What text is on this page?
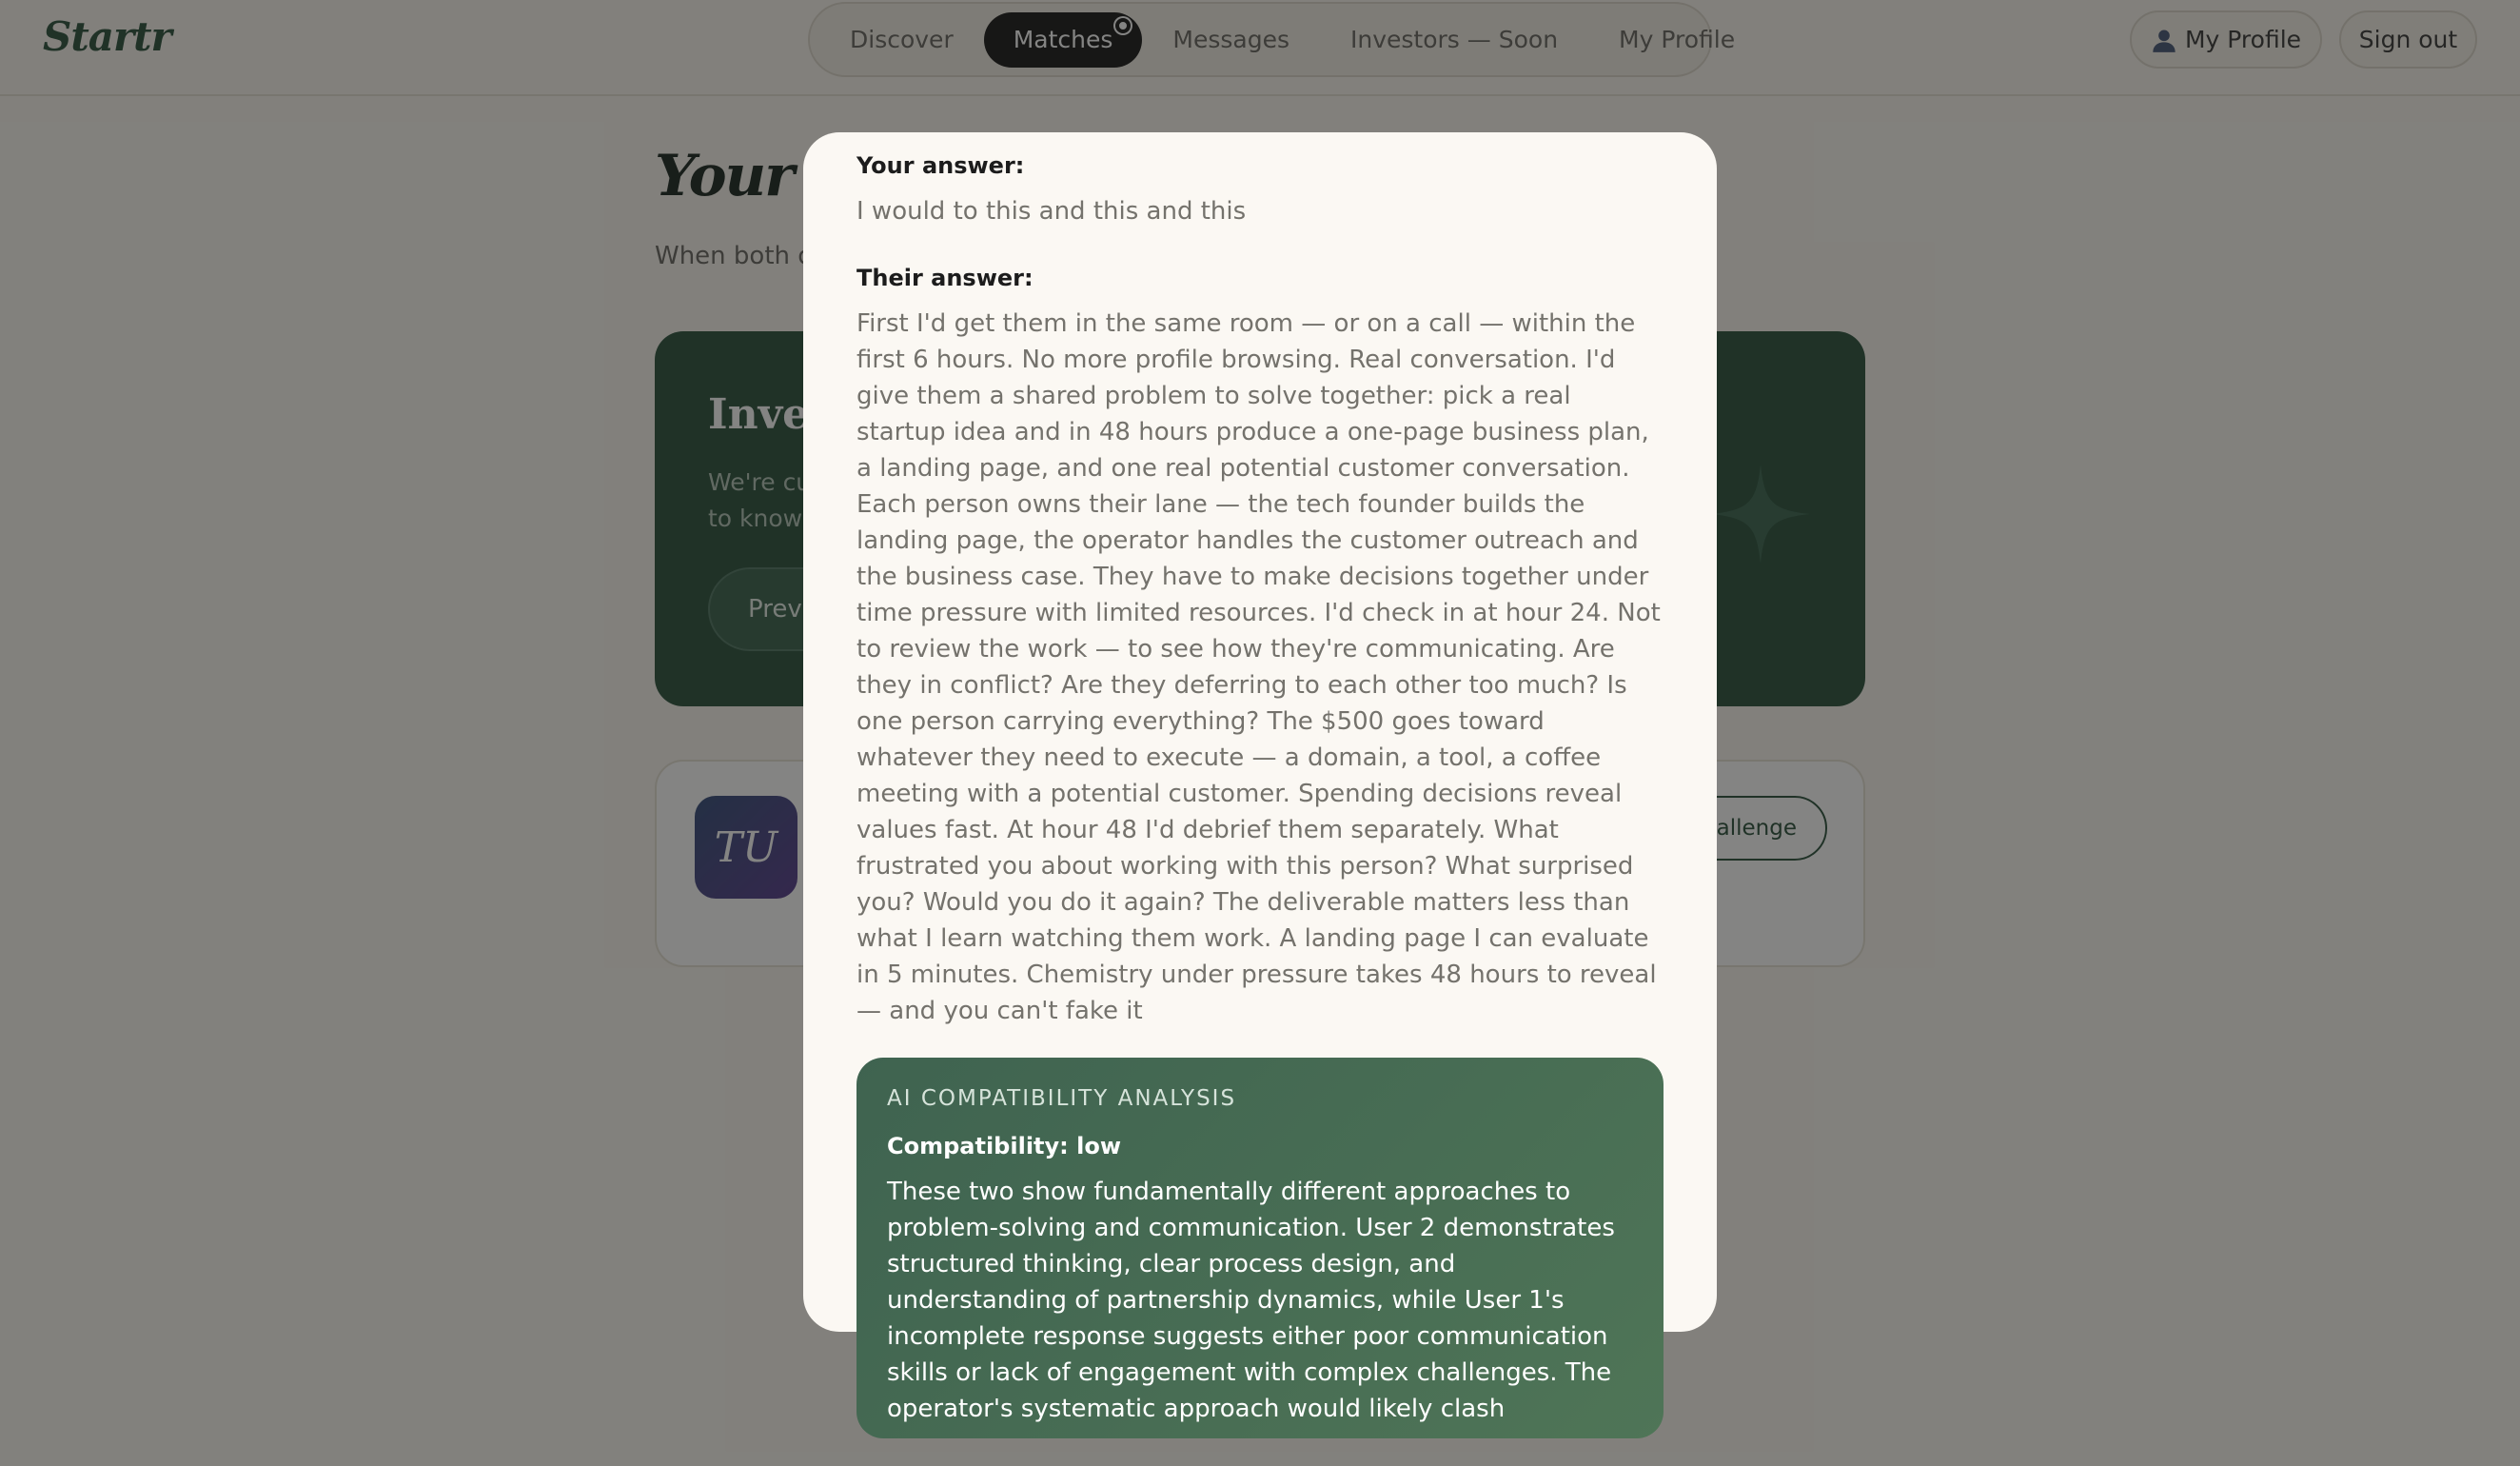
Your answer:
I would to this and this and this
Their answer:
First I'd get them in the same room — or on a call — within the first 6 hours. No more profile browsing. Real conversation. I'd give them a shared problem to solve together: pick a real startup idea and in 48 hours produce a one-page business plan, a landing page, and one real potential customer conversation. Each person owns their lane — the tech founder builds the landing page, the operator handles the customer outreach and the business case. They have to make decisions together under time pressure with limited resources. I'd check in at hour 24. Not to review the work — to see how they're communicating. Are they in conflict? Are they deferring to each other too much? Is one person carrying everything? The $500 goes toward whatever they need to execute — a domain, a tool, a coffee meeting with a potential customer. Spending decisions reveal values fast. At hour 48 I'd debrief them separately. What frustrated you about working with this person? What surprised you? Would you do it again? The deliverable matters less than what I learn watching them work. A landing page I can evaluate in 5 minutes. Chemistry under pressure takes 48 hours to reveal — and you can't fake it
AI COMPATIBILITY ANALYSIS
Compatibility: low
These two show fundamentally different approaches to problem-solving and communication. User 2 demonstrates structured thinking, clear process design, and understanding of partnership dynamics, while User 1's incomplete response suggests either poor communication skills or lack of engagement with complex challenges. The operator's systematic approach would likely clash
